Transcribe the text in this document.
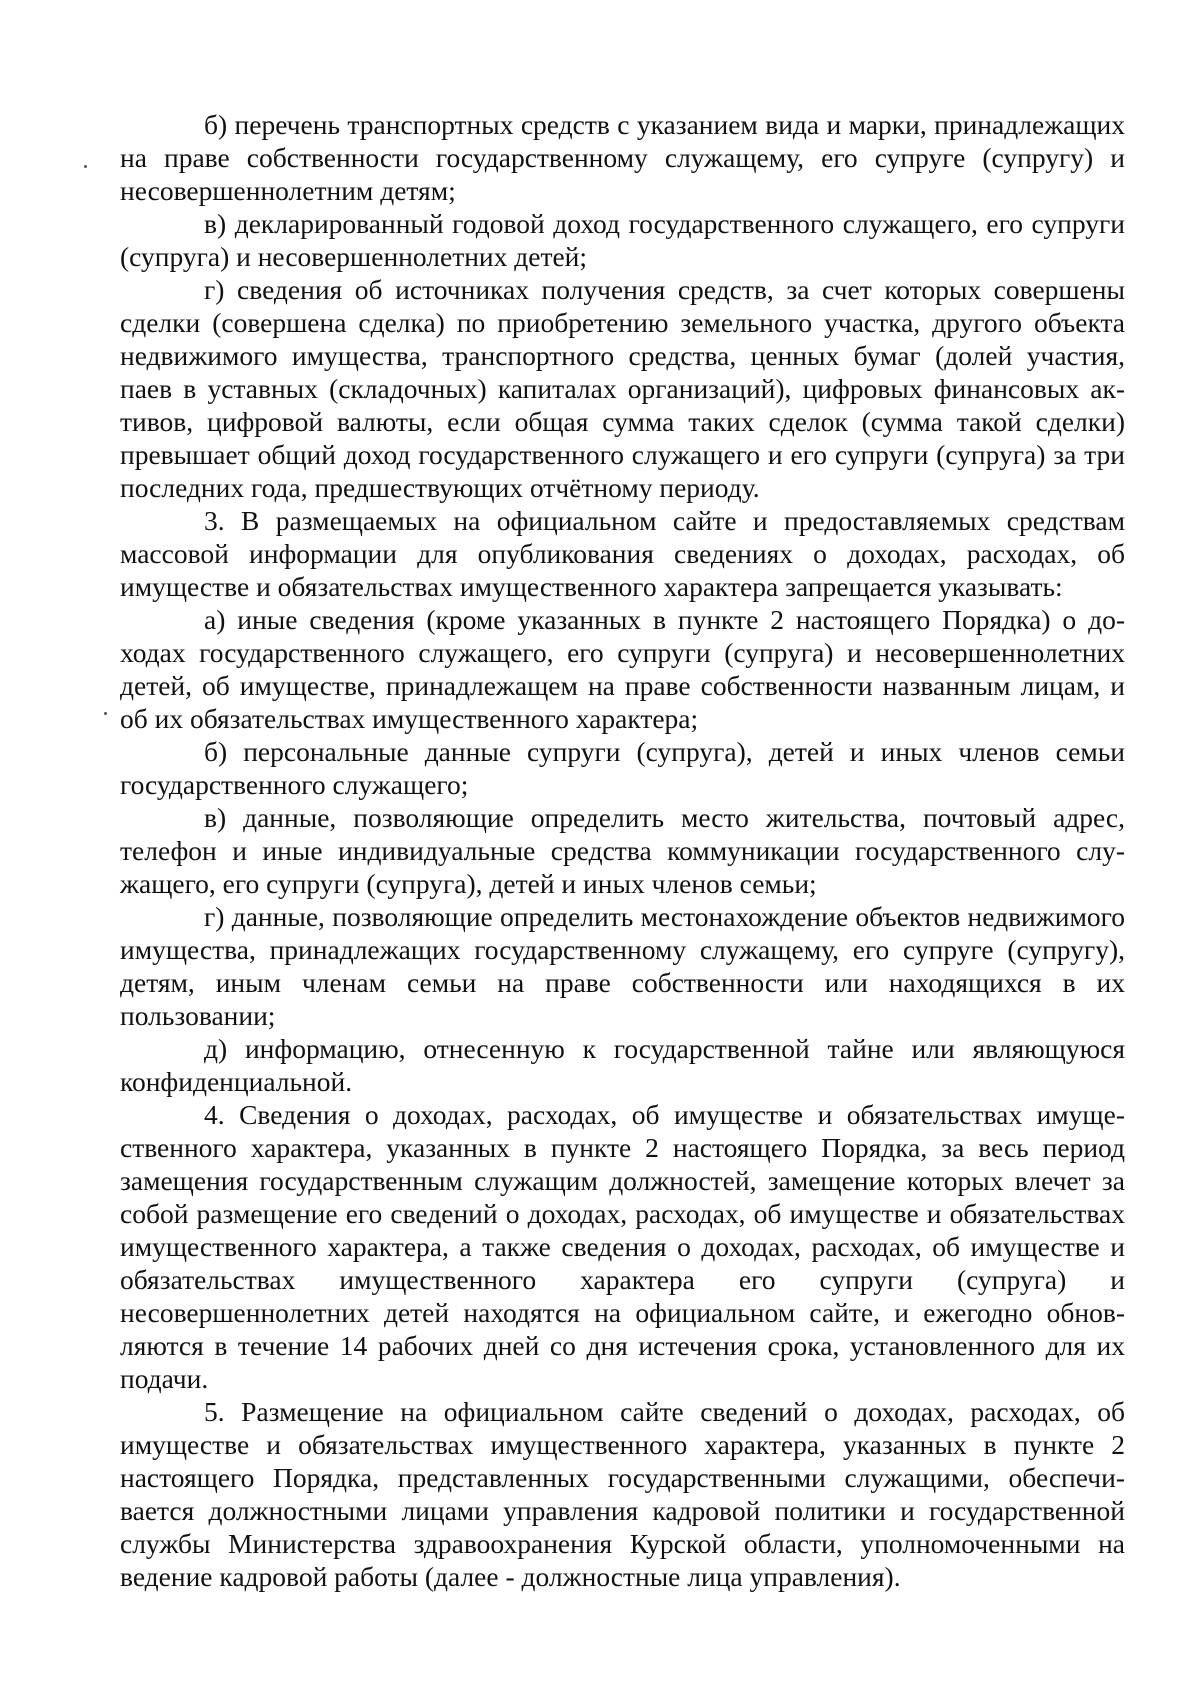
б) перечень транспортных средств с указанием вида и марки, принадлежащих на праве собственности государственному служащему, его супруге (супругу) и несовершеннолетним детям;

в) декларированный годовой доход государственного служащего, его супруги (супруга) и несовершеннолетних детей;

г) сведения об источниках получения средств, за счет которых совершены сделки (совершена сделка) по приобретению земельного участка, другого объекта недвижимого имущества, транспортного средства, ценных бумаг (долей участия, паев в уставных (складочных) капиталах организаций), цифровых финансовых активов, цифровой валюты, если общая сумма таких сделок (сумма такой сделки) превышает общий доход государственного служащего и его супруги (супруга) за три последних года, предшествующих отчётному периоду.

3. В размещаемых на официальном сайте и предоставляемых средствам массовой информации для опубликования сведениях о доходах, расходах, об имуществе и обязательствах имущественного характера запрещается указывать:

а) иные сведения (кроме указанных в пункте 2 настоящего Порядка) о доходах государственного служащего, его супруги (супруга) и несовершеннолетних детей, об имуществе, принадлежащем на праве собственности названным лицам, и об их обязательствах имущественного характера;

б) персональные данные супруги (супруга), детей и иных членов семьи государственного служащего;

в) данные, позволяющие определить место жительства, почтовый адрес, телефон и иные индивидуальные средства коммуникации государственного служащего, его супруги (супруга), детей и иных членов семьи;

г) данные, позволяющие определить местонахождение объектов недвижимого имущества, принадлежащих государственному служащему, его супруге (супругу), детям, иным членам семьи на праве собственности или находящихся в их пользовании;

д) информацию, отнесенную к государственной тайне или являющуюся конфиденциальной.

4. Сведения о доходах, расходах, об имуществе и обязательствах имущественного характера, указанных в пункте 2 настоящего Порядка, за весь период замещения государственным служащим должностей, замещение которых влечет за собой размещение его сведений о доходах, расходах, об имуществе и обязательствах имущественного характера, а также сведения о доходах, расходах, об имуществе и обязательствах имущественного характера его супруги (супруга) и несовершеннолетних детей находятся на официальном сайте, и ежегодно обновляются в течение 14 рабочих дней со дня истечения срока, установленного для их подачи.

5. Размещение на официальном сайте сведений о доходах, расходах, об имуществе и обязательствах имущественного характера, указанных в пункте 2 настоящего Порядка, представленных государственными служащими, обеспечивается должностными лицами управления кадровой политики и государственной службы Министерства здравоохранения Курской области, уполномоченными на ведение кадровой работы (далее - должностные лица управления).
